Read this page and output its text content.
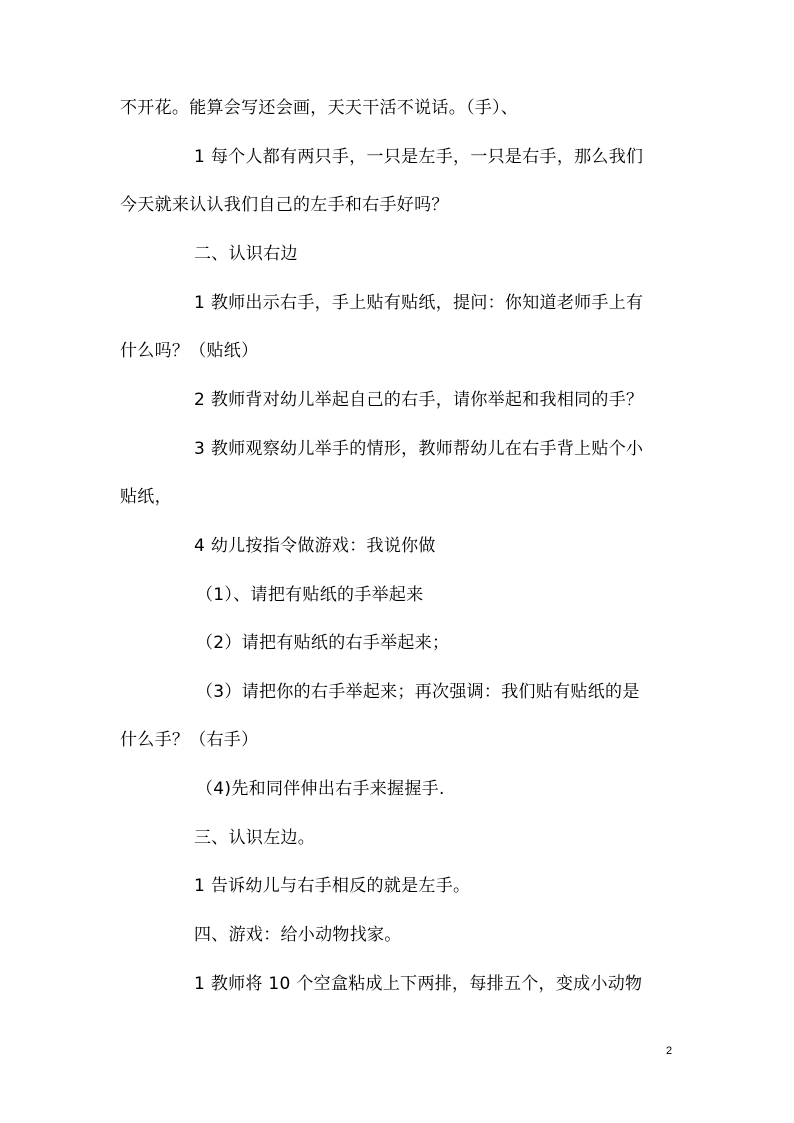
不开花。能算会写还会画，天天干活不说话。（手）、
1 每个人都有两只手，一只是左手，一只是右手，那么我们
今天就来认认我们自己的左手和右手好吗？
二、认识右边
1 教师出示右手，手上贴有贴纸，提问：你知道老师手上有
什么吗？（贴纸）
2 教师背对幼儿举起自己的右手，请你举起和我相同的手？
3 教师观察幼儿举手的情形，教师帮幼儿在右手背上贴个小
贴纸，
4 幼儿按指令做游戏：我说你做
（1）、请把有贴纸的手举起来
（2）请把有贴纸的右手举起来；
（3）请把你的右手举起来；再次强调：我们贴有贴纸的是
什么手？（右手）
（4)先和同伴伸出右手来握握手.
三、认识左边。
1 告诉幼儿与右手相反的就是左手。
四、游戏：给小动物找家。
1 教师将 10 个空盒粘成上下两排，每排五个，变成小动物
2
